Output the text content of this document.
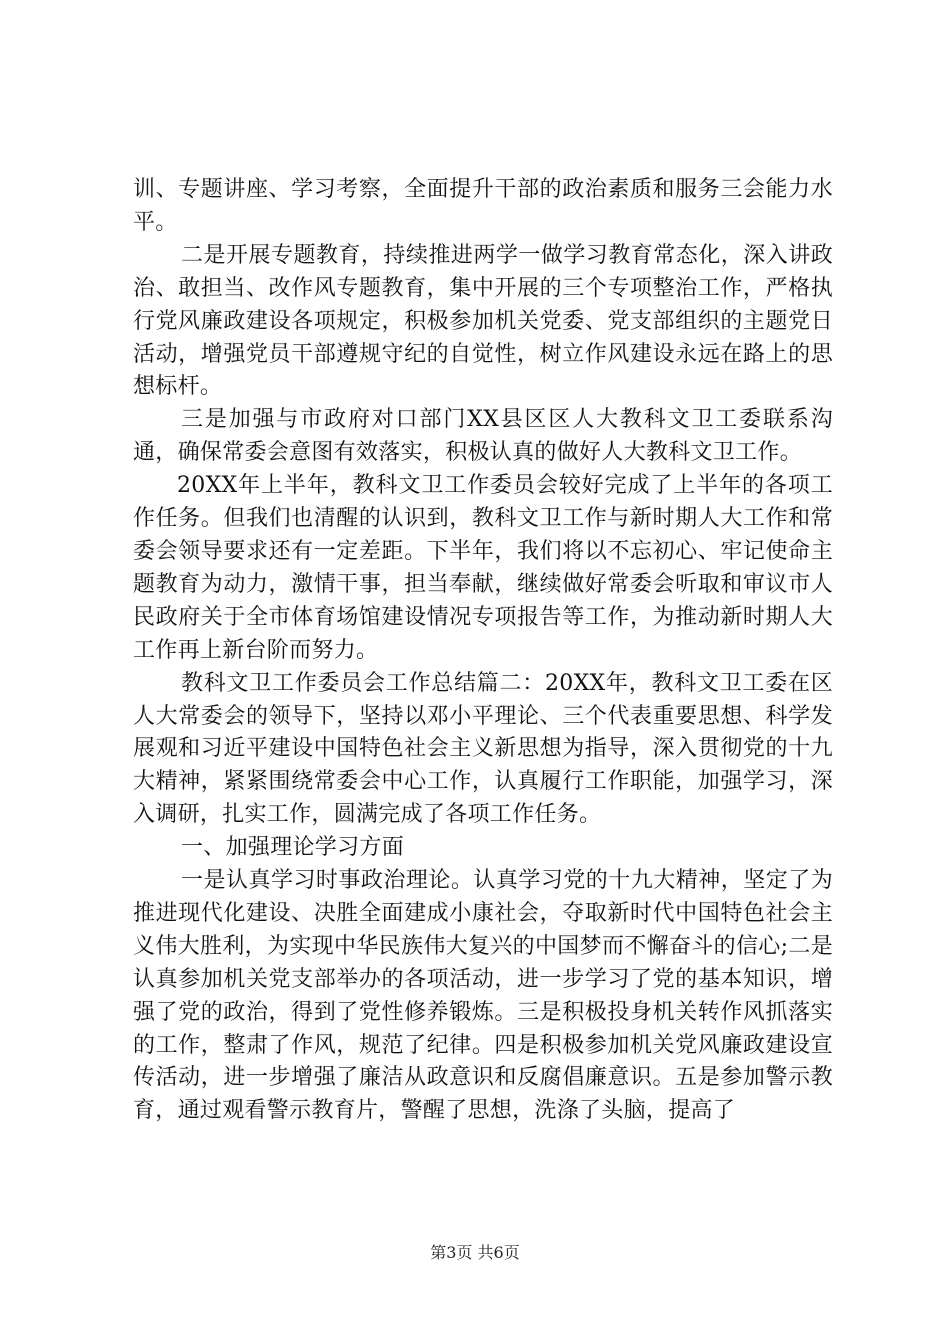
训、专题讲座、学习考察，全面提升干部的政治素质和服务三会能力水平。

二是开展专题教育，持续推进两学一做学习教育常态化，深入讲政治、敢担当、改作风专题教育，集中开展的三个专项整治工作，严格执行党风廉政建设各项规定，积极参加机关党委、党支部组织的主题党日活动，增强党员干部遵规守纪的自觉性，树立作风建设永远在路上的思想标杆。

三是加强与市政府对口部门XX县区区人大教科文卫工委联系沟通，确保常委会意图有效落实，积极认真的做好人大教科文卫工作。

20XX年上半年，教科文卫工作委员会较好完成了上半年的各项工作任务。但我们也清醒的认识到，教科文卫工作与新时期人大工作和常委会领导要求还有一定差距。下半年，我们将以不忘初心、牢记使命主题教育为动力，激情干事，担当奉献，继续做好常委会听取和审议市人民政府关于全市体育场馆建设情况专项报告等工作，为推动新时期人大工作再上新台阶而努力。

教科文卫工作委员会工作总结篇二：20XX年，教科文卫工委在区人大常委会的领导下，坚持以邓小平理论、三个代表重要思想、科学发展观和习近平建设中国特色社会主义新思想为指导，深入贯彻党的十九大精神，紧紧围绕常委会中心工作，认真履行工作职能，加强学习，深入调研，扎实工作，圆满完成了各项工作任务。

一、加强理论学习方面

一是认真学习时事政治理论。认真学习党的十九大精神，坚定了为推进现代化建设、决胜全面建成小康社会，夺取新时代中国特色社会主义伟大胜利，为实现中华民族伟大复兴的中国梦而不懈奋斗的信心;二是认真参加机关党支部举办的各项活动，进一步学习了党的基本知识，增强了党的政治，得到了党性修养锻炼。三是积极投身机关转作风抓落实的工作，整肃了作风，规范了纪律。四是积极参加机关党风廉政建设宣传活动，进一步增强了廉洁从政意识和反腐倡廉意识。五是参加警示教育，通过观看警示教育片，警醒了思想，洗涤了头脑，提高了

第3页 共6页
